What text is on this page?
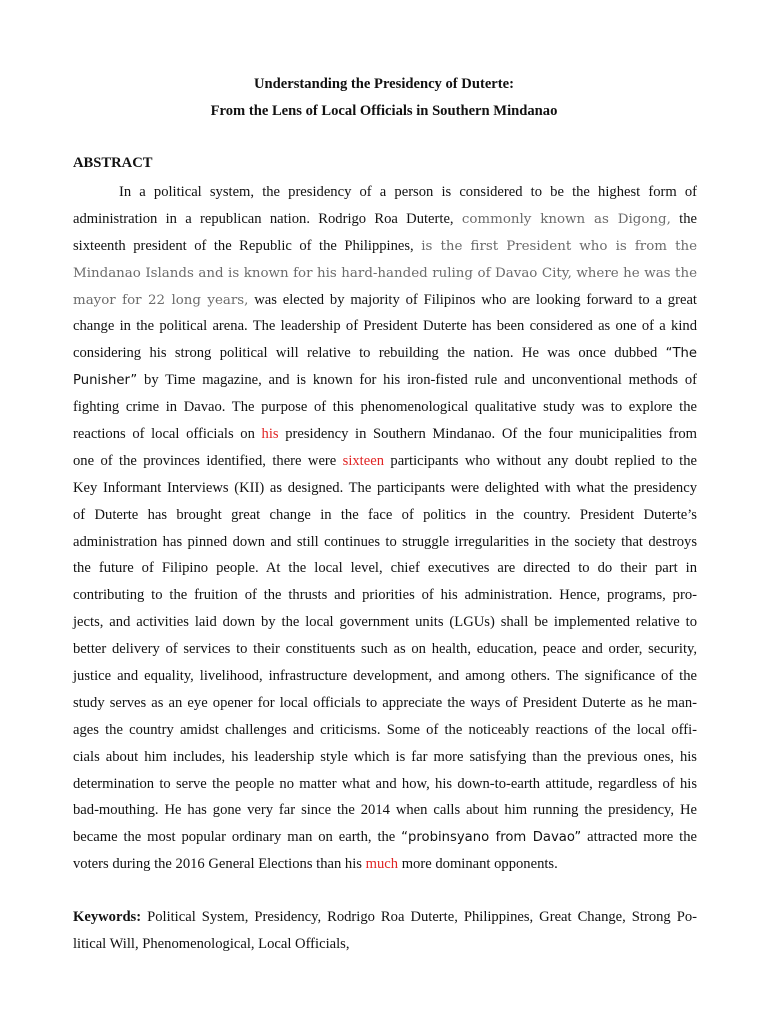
Understanding the Presidency of Duterte:
From the Lens of Local Officials in Southern Mindanao
ABSTRACT
In a political system, the presidency of a person is considered to be the highest form of
administration in a republican nation. Rodrigo Roa Duterte, commonly known as Digong, the
sixteenth president of the Republic of the Philippines, is the first President who is from the
Mindanao Islands and is known for his hard-handed ruling of Davao City, where he was the
mayor for 22 long years, was elected by majority of Filipinos who are looking forward to a great
change in the political arena. The leadership of President Duterte has been considered as one of a kind
considering his strong political will relative to rebuilding the nation. He was once dubbed “The
Punisher” by Time magazine, and is known for his iron-fisted rule and unconventional methods of
fighting crime in Davao. The purpose of this phenomenological qualitative study was to explore the
reactions of local officials on his presidency in Southern Mindanao. Of the four municipalities from
one of the provinces identified, there were sixteen participants who without any doubt replied to the
Key Informant Interviews (KII) as designed. The participants were delighted with what the presidency
of Duterte has brought great change in the face of politics in the country. President Duterte’s
administration has pinned down and still continues to struggle irregularities in the society that destroys
the future of Filipino people. At the local level, chief executives are directed to do their part in
contributing to the fruition of the thrusts and priorities of his administration. Hence, programs, pro-
jects, and activities laid down by the local government units (LGUs) shall be implemented relative to
better delivery of services to their constituents such as on health, education, peace and order, security,
justice and equality, livelihood, infrastructure development, and among others. The significance of the
study serves as an eye opener for local officials to appreciate the ways of President Duterte as he man-
ages the country amidst challenges and criticisms. Some of the noticeably reactions of the local offi-
cials about him includes, his leadership style which is far more satisfying than the previous ones, his
determination to serve the people no matter what and how, his down-to-earth attitude, regardless of his
bad-mouthing. He has gone very far since the 2014 when calls about him running the presidency, He
became the most popular ordinary man on earth, the “probinsyano from Davao” attracted more the
voters during the 2016 General Elections than his much more dominant opponents.
Keywords: Political System, Presidency, Rodrigo Roa Duterte, Philippines, Great Change, Strong Po-
litical Will, Phenomenological, Local Officials,
